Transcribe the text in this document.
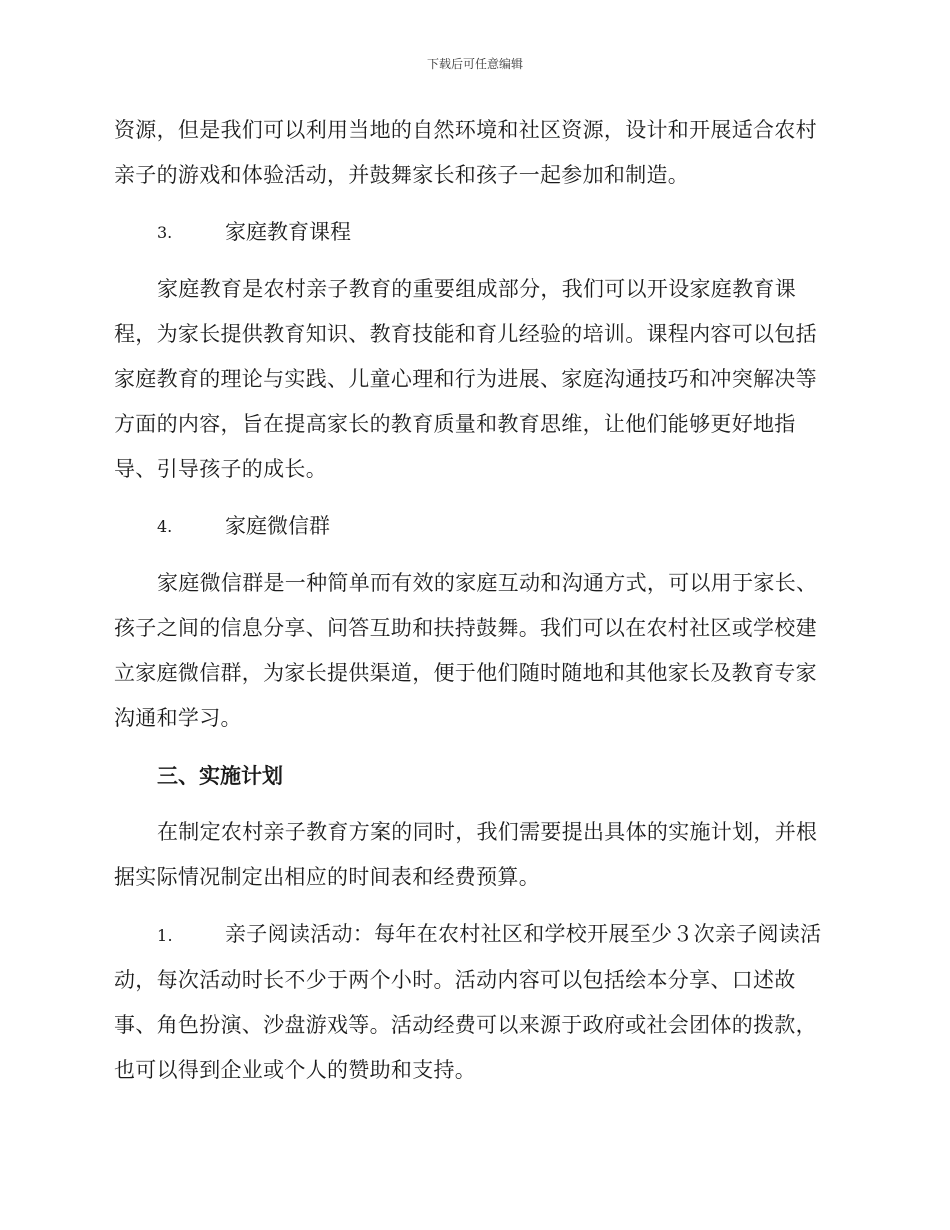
下载后可任意编辑

资源，但是我们可以利用当地的自然环境和社区资源，设计和开展适合农村亲子的游戏和体验活动，并鼓舞家长和孩子一起参加和制造。

3.	家庭教育课程

家庭教育是农村亲子教育的重要组成部分，我们可以开设家庭教育课程，为家长提供教育知识、教育技能和育儿经验的培训。课程内容可以包括家庭教育的理论与实践、儿童心理和行为进展、家庭沟通技巧和冲突解决等方面的内容，旨在提高家长的教育质量和教育思维，让他们能够更好地指导、引导孩子的成长。

4.	家庭微信群

家庭微信群是一种简单而有效的家庭互动和沟通方式，可以用于家长、孩子之间的信息分享、问答互助和扶持鼓舞。我们可以在农村社区或学校建立家庭微信群，为家长提供渠道，便于他们随时随地和其他家长及教育专家沟通和学习。

三、实施计划

在制定农村亲子教育方案的同时，我们需要提出具体的实施计划，并根据实际情况制定出相应的时间表和经费预算。

1. 亲子阅读活动：每年在农村社区和学校开展至少３次亲子阅读活动，每次活动时长不少于两个小时。活动内容可以包括绘本分享、口述故事、角色扮演、沙盘游戏等。活动经费可以来源于政府或社会团体的拨款，也可以得到企业或个人的赞助和支持。
